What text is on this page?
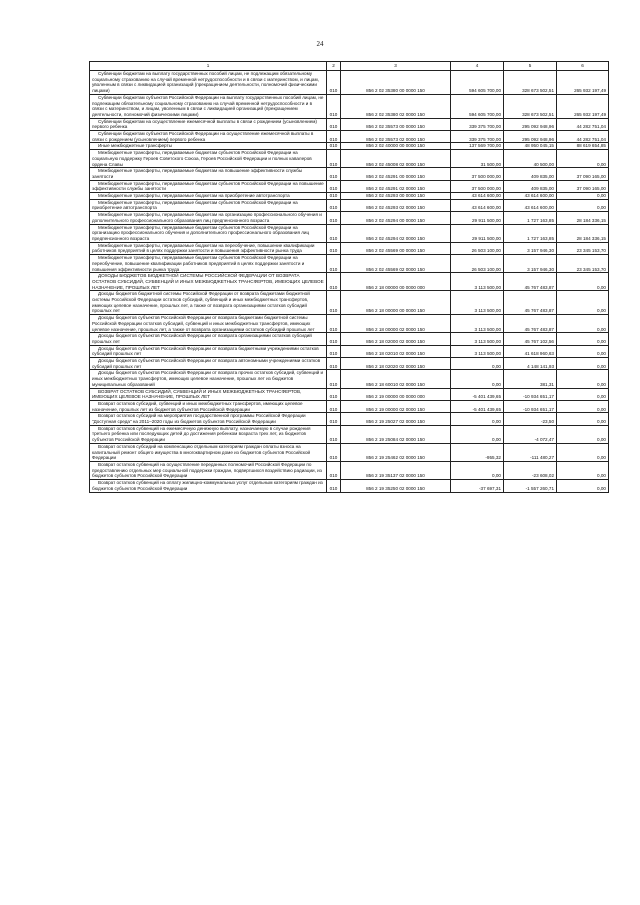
24
1	2	3	4	5	6

Субвенции бюджетам на выплату государственных пособий лицам, не подлежащим обязательному социальному страхованию на случай временной нетрудоспособности и в связи с материнством, и лицам, уволенным в связи с ликвидацией организаций (прекращением деятельности, полномочий физическими лицами)	010	856 2 02 35380 00 0000 150	594 605 700,00	328 673 502,51	265 932 197,49

Субвенции бюджетам субъектов Российской Федерации на выплату государственных пособий лицам, не подлежащим обязательному социальному страхованию на случай временной нетрудоспособности и в связи с материнством, и лицам, уволенным в связи с ликвидацией организаций (прекращением деятельности, полномочий физическими лицами)	010	856 2 02 35380 02 0000 150	594 605 700,00	328 673 502,51	265 932 197,49

Субвенции бюджетам на осуществление ежемесячной выплаты в связи с рождением (усыновлением) первого ребенка	010	856 2 02 35573 00 0000 150	339 375 700,00	295 092 948,96	44 282 751,04

Субвенции бюджетам субъектов Российской Федерации на осуществление ежемесячной выплаты в связи с рождением (усыновлением) первого ребенка	010	856 2 02 35573 02 0000 150	339 375 700,00	295 092 948,96	44 282 751,04

Иные межбюджетные трансферты	010	856 2 02 40000 00 0000 150	137 569 700,00	48 950 045,15	88 619 654,85

Межбюджетные трансферты, передаваемые бюджетам субъектов Российской Федерации на социальную поддержку Героев Советского Союза, Героев Российской Федерации и полных кавалеров ордена Славы	010	856 2 02 45008 02 0000 150	31 500,00	40 500,00	0,00

Межбюджетные трансферты, передаваемые бюджетам на повышение эффективности службы занятости	010	856 2 02 45291 00 0000 150	37 500 000,00	409 835,00	37 090 165,00

Межбюджетные трансферты, передаваемые бюджетам субъектов Российской Федерации на повышение эффективности службы занятости	010	856 2 02 45291 02 0000 150	37 500 000,00	409 835,00	37 090 165,00

Межбюджетные трансферты, передаваемые бюджетам на приобретение автотранспорта	010	856 2 02 45293 00 0000 150	43 614 600,00	43 614 600,00	0,00

Межбюджетные трансферты, передаваемые бюджетам субъектов Российской Федерации на приобретение автотранспорта	010	856 2 02 45293 02 0000 150	43 614 600,00	43 614 600,00	0,00

Межбюджетные трансферты, передаваемые бюджетам на организацию профессионального обучения и дополнительного профессионального образования лиц предпенсионного возраста	010	856 2 02 45294 00 0000 150	29 911 500,00	1 727 163,85	28 184 336,15

Межбюджетные трансферты, передаваемые бюджетам субъектов Российской Федерации на организацию профессионального обучения и дополнительного профессионального образования лиц предпенсионного возраста	010	856 2 02 45294 02 0000 150	29 911 500,00	1 727 163,85	28 184 336,15

Межбюджетные трансферты, передаваемые бюджетам на переобучение, повышение квалификации работников предприятий в целях поддержки занятости и повышения эффективности рынка труда	010	856 2 02 45569 00 0000 150	26 503 100,00	3 157 946,30	23 345 153,70

Межбюджетные трансферты, передаваемые бюджетам субъектов Российской Федерации на переобучение, повышение квалификации работников предприятий в целях поддержки занятости и повышения эффективности рынка труда	010	856 2 02 45569 02 0000 150	26 503 100,00	3 157 946,30	23 345 153,70

ДОХОДЫ БЮДЖЕТОВ БЮДЖЕТНОЙ СИСТЕМЫ РОССИЙСКОЙ ФЕДЕРАЦИИ ОТ ВОЗВРАТА ОСТАТКОВ СУБСИДИЙ, СУБВЕНЦИЙ И ИНЫХ МЕЖБЮДЖЕТНЫХ ТРАНСФЕРТОВ, ИМЕЮЩИХ ЦЕЛЕВОЕ НАЗНАЧЕНИЕ, ПРОШЛЫХ ЛЕТ	010	856 2 18 00000 00 0000 000	3 113 500,00	45 767 483,87	0,00

Доходы бюджетов бюджетной системы Российской Федерации от возврата бюджетами бюджетной системы Российской Федерации остатков субсидий, субвенций и иных межбюджетных трансфертов, имеющих целевое назначение, прошлых лет, а также от возврата организациями остатков субсидий прошлых лет	010	856 2 18 00000 00 0000 150	3 113 500,00	45 767 483,87	0,00

Доходы бюджетов субъектов Российской Федерации от возврата бюджетами бюджетной системы Российской Федерации остатков субсидий, субвенций и иных межбюджетных трансфертов, имеющих целевое назначение, прошлых лет, а также от возврата организациями остатков субсидий прошлых лет	010	856 2 18 00000 02 0000 150	3 113 500,00	45 767 483,87	0,00

Доходы бюджетов субъектов Российской Федерации от возврата организациями остатков субсидий прошлых лет	010	856 2 18 02000 02 0000 150	3 113 500,00	45 767 102,56	0,00

Доходы бюджетов субъектов Российской Федерации от возврата бюджетными учреждениями остатков субсидий прошлых лет	010	856 2 18 02010 02 0000 150	3 113 500,00	41 618 960,63	0,00

Доходы бюджетов субъектов Российской Федерации от возврата автономными учреждениями остатков субсидий прошлых лет	010	856 2 18 02020 02 0000 150	0,00	4 148 141,93	0,00

Доходы бюджетов субъектов Российской Федерации от возврата прочих остатков субсидий, субвенций и иных межбюджетных трансфертов, имеющих целевое назначение, прошлых лет из бюджетов муниципальных образований	010	856 2 18 60010 02 0000 150	0,00	381,31	0,00

ВОЗВРАТ ОСТАТКОВ СУБСИДИЙ, СУБВЕНЦИЙ И ИНЫХ МЕЖБЮДЖЕТНЫХ ТРАНСФЕРТОВ, ИМЕЮЩИХ ЦЕЛЕВОЕ НАЗНАЧЕНИЕ, ПРОШЛЫХ ЛЕТ	010	856 2 19 00000 00 0000 000	-5 401 439,65	-10 934 651,17	0,00

Возврат остатков субсидий, субвенций и иных межбюджетных трансфертов, имеющих целевое назначение, прошлых лет из бюджетов субъектов Российской Федерации	010	856 2 19 00000 02 0000 150	-5 401 439,65	-10 934 651,17	0,00

Возврат остатков субсидий на мероприятия государственной программы Российской Федерации "Доступная среда" на 2011–2020 годы из бюджетов субъектов Российской Федерации	010	856 2 19 25027 02 0000 150	0,00	-23,50	0,00

Возврат остатков субвенций на ежемесячную денежную выплату, назначаемую в случае рождения третьего ребенка или последующих детей до достижения ребенком возраста трех лет, из бюджетов субъектов Российской Федерации	010	856 2 19 25084 02 0000 150	0,00	-4 072,47	0,00

Возврат остатков субсидий на компенсацию отдельным категориям граждан оплаты взноса на капитальный ремонт общего имущества в многоквартирном доме из бюджетов субъектов Российской Федерации	010	856 2 19 25462 02 0000 150	-955,32	-111 480,27	0,00

Возврат остатков субвенций на осуществление переданных полномочий Российской Федерации по предоставлению отдельных мер социальной поддержки граждан, подвергшихся воздействию радиации, из бюджетов субъектов Российской Федерации	010	856 2 19 35137 02 0000 150	0,00	-23 608,02	0,00

Возврат остатков субвенций на оплату жилищно-коммунальных услуг отдельным категориям граждан из бюджетов субъектов Российской Федерации	010	856 2 19 35250 02 0000 150	-37 697,31	-1 557 260,71	0,00
